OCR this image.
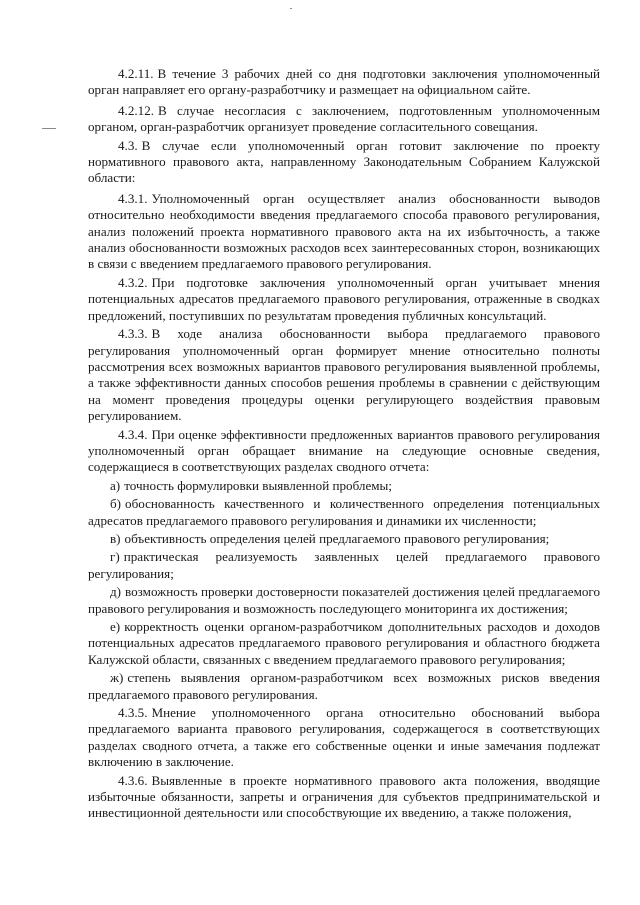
4.2.11. В течение 3 рабочих дней со дня подготовки заключения уполномоченный орган направляет его органу-разработчику и размещает на официальном сайте.

4.2.12. В случае несогласия с заключением, подготовленным уполномоченным органом, орган-разработчик организует проведение согласительного совещания.

4.3. В случае если уполномоченный орган готовит заключение по проекту нормативного правового акта, направленному Законодательным Собранием Калужской области:

4.3.1. Уполномоченный орган осуществляет анализ обоснованности выводов относительно необходимости введения предлагаемого способа правового регулирования, анализ положений проекта нормативного правового акта на их избыточность, а также анализ обоснованности возможных расходов всех заинтересованных сторон, возникающих в связи с введением предлагаемого правового регулирования.

4.3.2. При подготовке заключения уполномоченный орган учитывает мнения потенциальных адресатов предлагаемого правового регулирования, отраженные в сводках предложений, поступивших по результатам проведения публичных консультаций.

4.3.3. В ходе анализа обоснованности выбора предлагаемого правового регулирования уполномоченный орган формирует мнение относительно полноты рассмотрения всех возможных вариантов правового регулирования выявленной проблемы, а также эффективности данных способов решения проблемы в сравнении с действующим на момент проведения процедуры оценки регулирующего воздействия правовым регулированием.

4.3.4. При оценке эффективности предложенных вариантов правового регулирования уполномоченный орган обращает внимание на следующие основные сведения, содержащиеся в соответствующих разделах сводного отчета:

а) точность формулировки выявленной проблемы;

б) обоснованность качественного и количественного определения потенциальных адресатов предлагаемого правового регулирования и динамики их численности;

в) объективность определения целей предлагаемого правового регулирования;

г) практическая реализуемость заявленных целей предлагаемого правового регулирования;

д) возможность проверки достоверности показателей достижения целей предлагаемого правового регулирования и возможность последующего мониторинга их достижения;

е) корректность оценки органом-разработчиком дополнительных расходов и доходов потенциальных адресатов предлагаемого правового регулирования и областного бюджета Калужской области, связанных с введением предлагаемого правового регулирования;

ж) степень выявления органом-разработчиком всех возможных рисков введения предлагаемого правового регулирования.

4.3.5. Мнение уполномоченного органа относительно обоснований выбора предлагаемого варианта правового регулирования, содержащегося в соответствующих разделах сводного отчета, а также его собственные оценки и иные замечания подлежат включению в заключение.

4.3.6. Выявленные в проекте нормативного правового акта положения, вводящие избыточные обязанности, запреты и ограничения для субъектов предпринимательской и инвестиционной деятельности или способствующие их введению, а также положения,
